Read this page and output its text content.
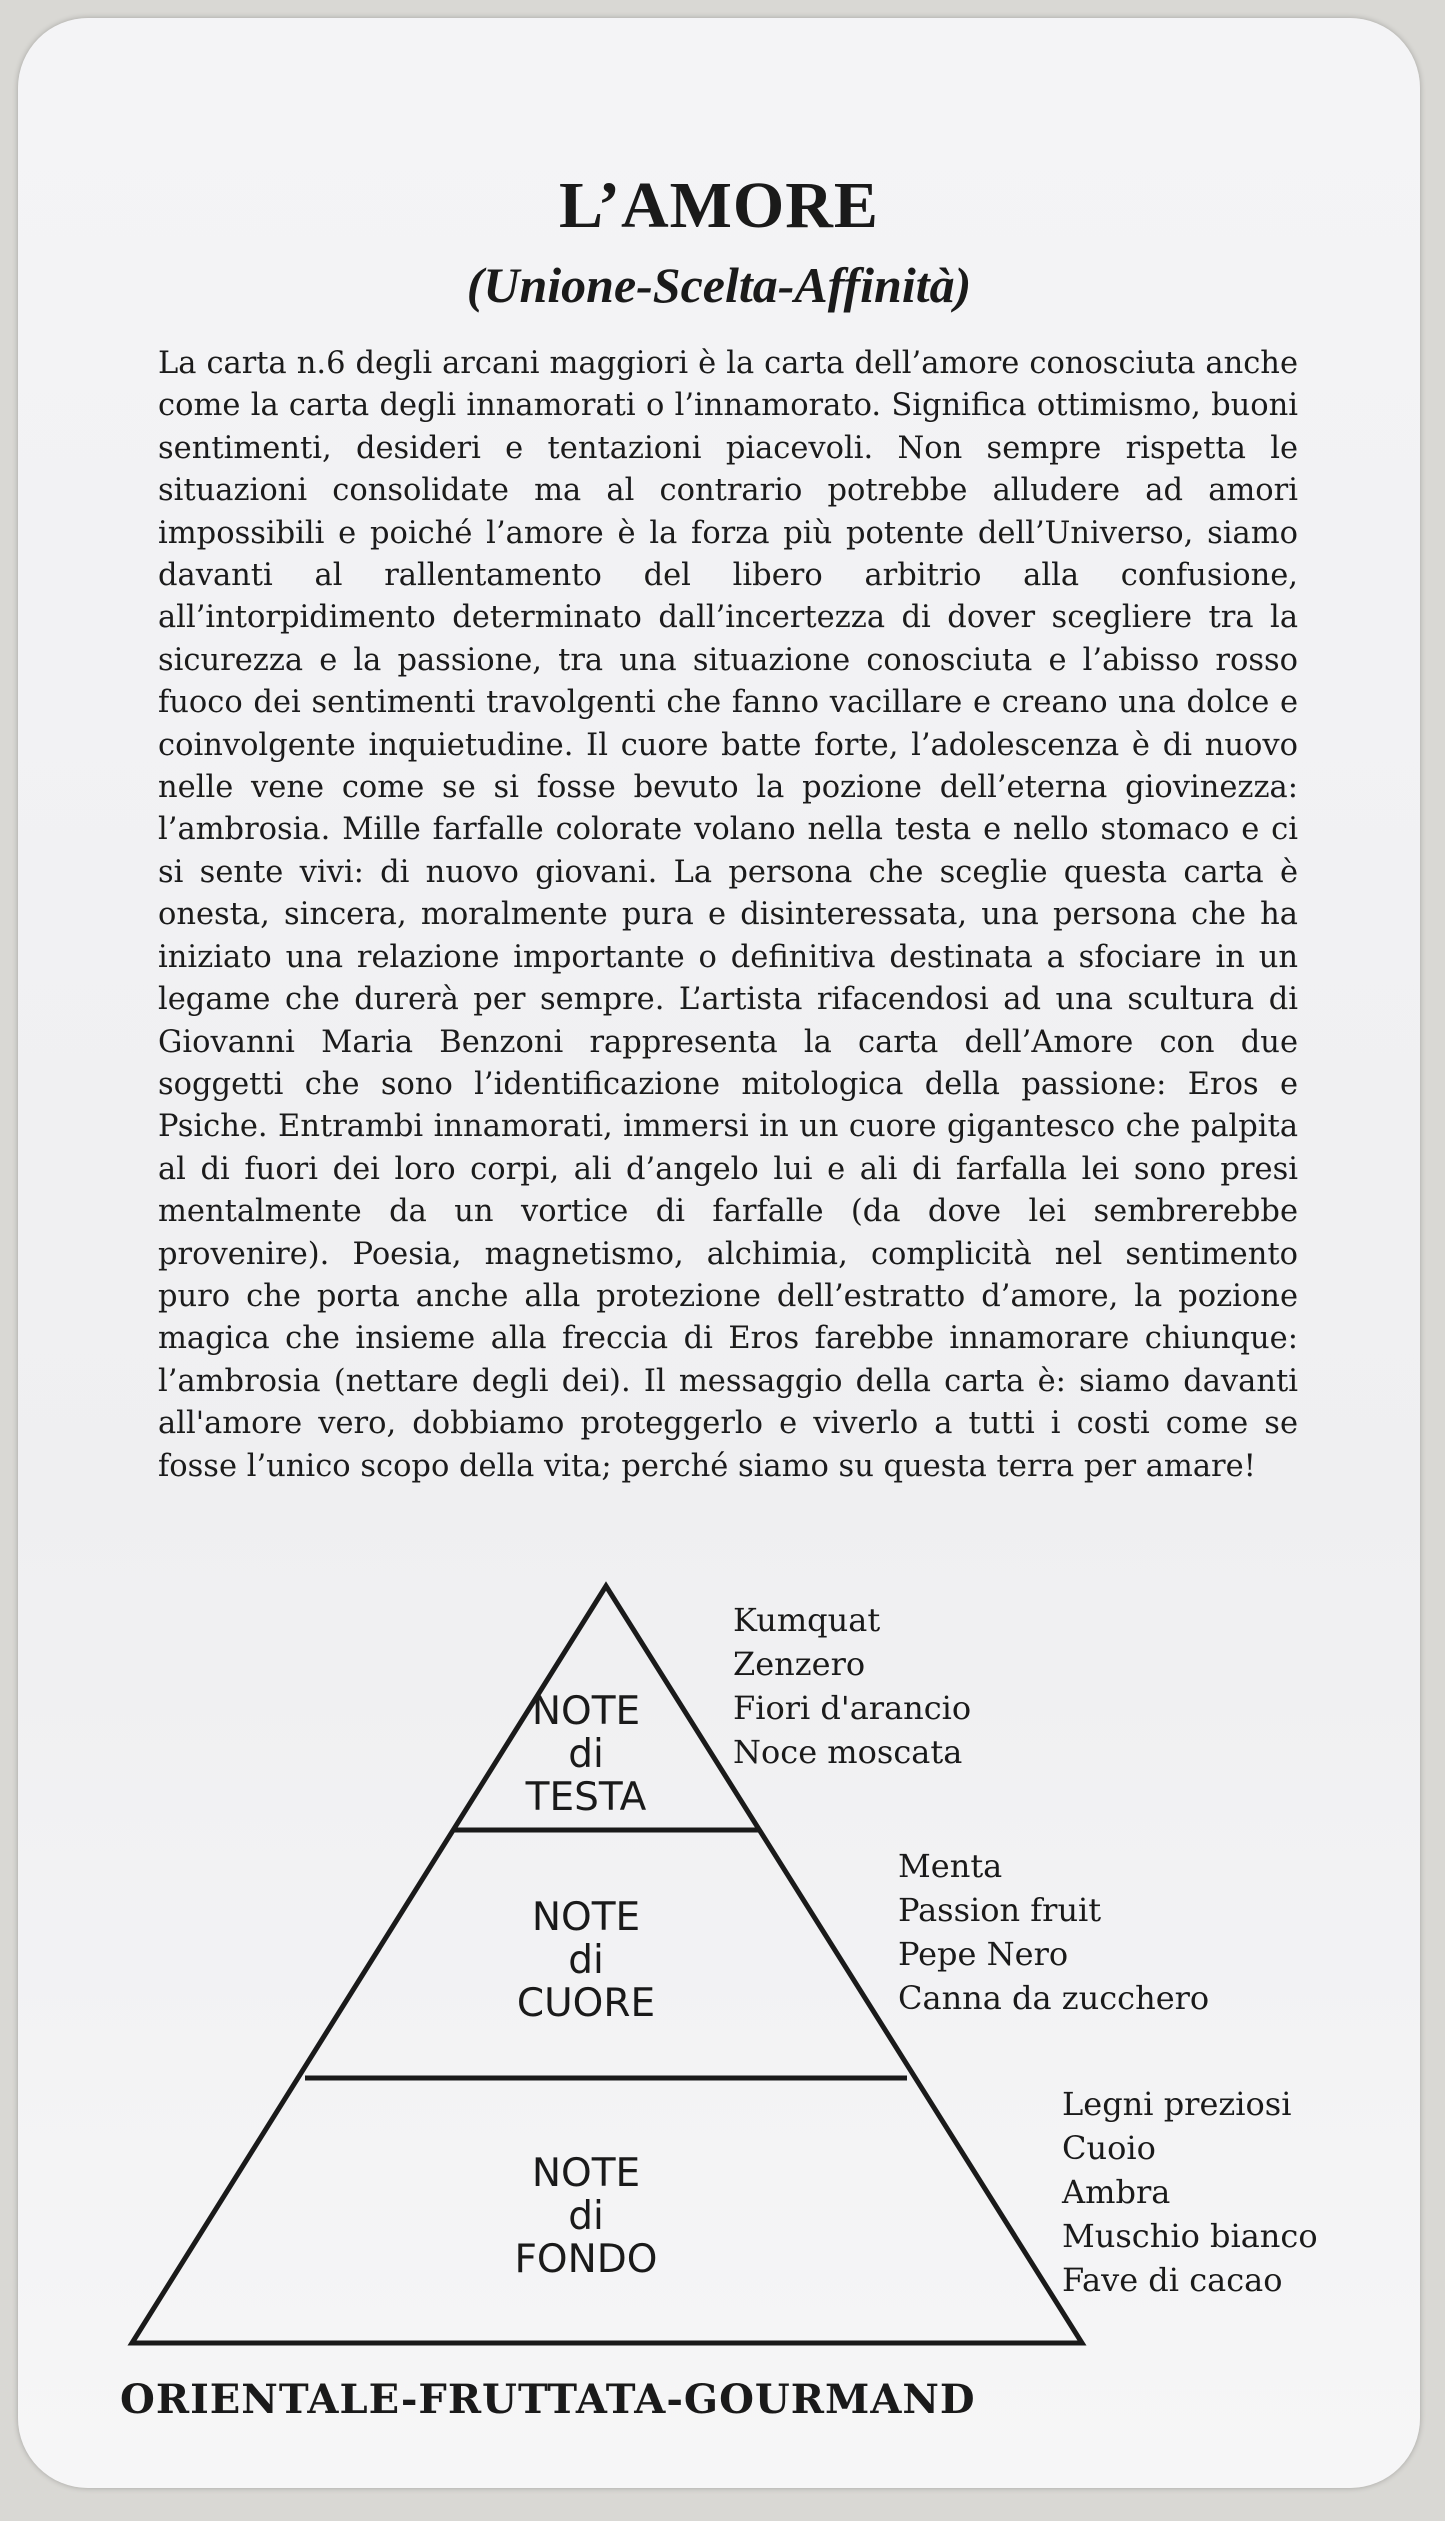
L’AMORE
(Unione-Scelta-Affinità)
La carta n.6 degli arcani maggiori è la carta dell’amore conosciuta anche come la carta degli innamorati o l’innamorato. Significa ottimismo, buoni sentimenti, desideri e tentazioni piacevoli. Non sempre rispetta le situazioni consolidate ma al contrario potrebbe alludere ad amori impossibili e poiché l’amore è la forza più potente dell’Universo, siamo davanti al rallentamento del libero arbitrio alla confusione, all’intorpidimento determinato dall’incertezza di dover scegliere tra la sicurezza e la passione, tra una situazione conosciuta e l’abisso rosso fuoco dei sentimenti travolgenti che fanno vacillare e creano una dolce e coinvolgente inquietudine. Il cuore batte forte, l’adolescenza è di nuovo nelle vene come se si fosse bevuto la pozione dell’eterna giovinezza: l’ambrosia. Mille farfalle colorate volano nella testa e nello stomaco e ci si sente vivi: di nuovo giovani. La persona che sceglie questa carta è onesta, sincera, moralmente pura e disinteressata, una persona che ha iniziato una relazione importante o definitiva destinata a sfociare in un legame che durerà per sempre. L’artista rifacendosi ad una scultura di Giovanni Maria Benzoni rappresenta la carta dell’Amore con due soggetti che sono l’identificazione mitologica della passione: Eros e Psiche. Entrambi innamorati, immersi in un cuore gigantesco che palpita al di fuori dei loro corpi, ali d’angelo lui e ali di farfalla lei sono presi mentalmente da un vortice di farfalle (da dove lei sembrerebbe provenire). Poesia, magnetismo, alchimia, complicità nel sentimento puro che porta anche alla protezione dell’estratto d’amore, la pozione magica che insieme alla freccia di Eros farebbe innamorare chiunque: l’ambrosia (nettare degli dei). Il messaggio della carta è: siamo davanti all'amore vero, dobbiamo proteggerlo e viverlo a tutti i costi come se fosse l’unico scopo della vita; perché siamo su questa terra per amare!
NOTE
di
TESTA
Kumquat
Zenzero
Fiori d'arancio
Noce moscata
NOTE
di
CUORE
Menta
Passion fruit
Pepe Nero
Canna da zucchero
NOTE
di
FONDO
Legni preziosi
Cuoio
Ambra
Muschio bianco
Fave di cacao
ORIENTALE-FRUTTATA-GOURMAND
